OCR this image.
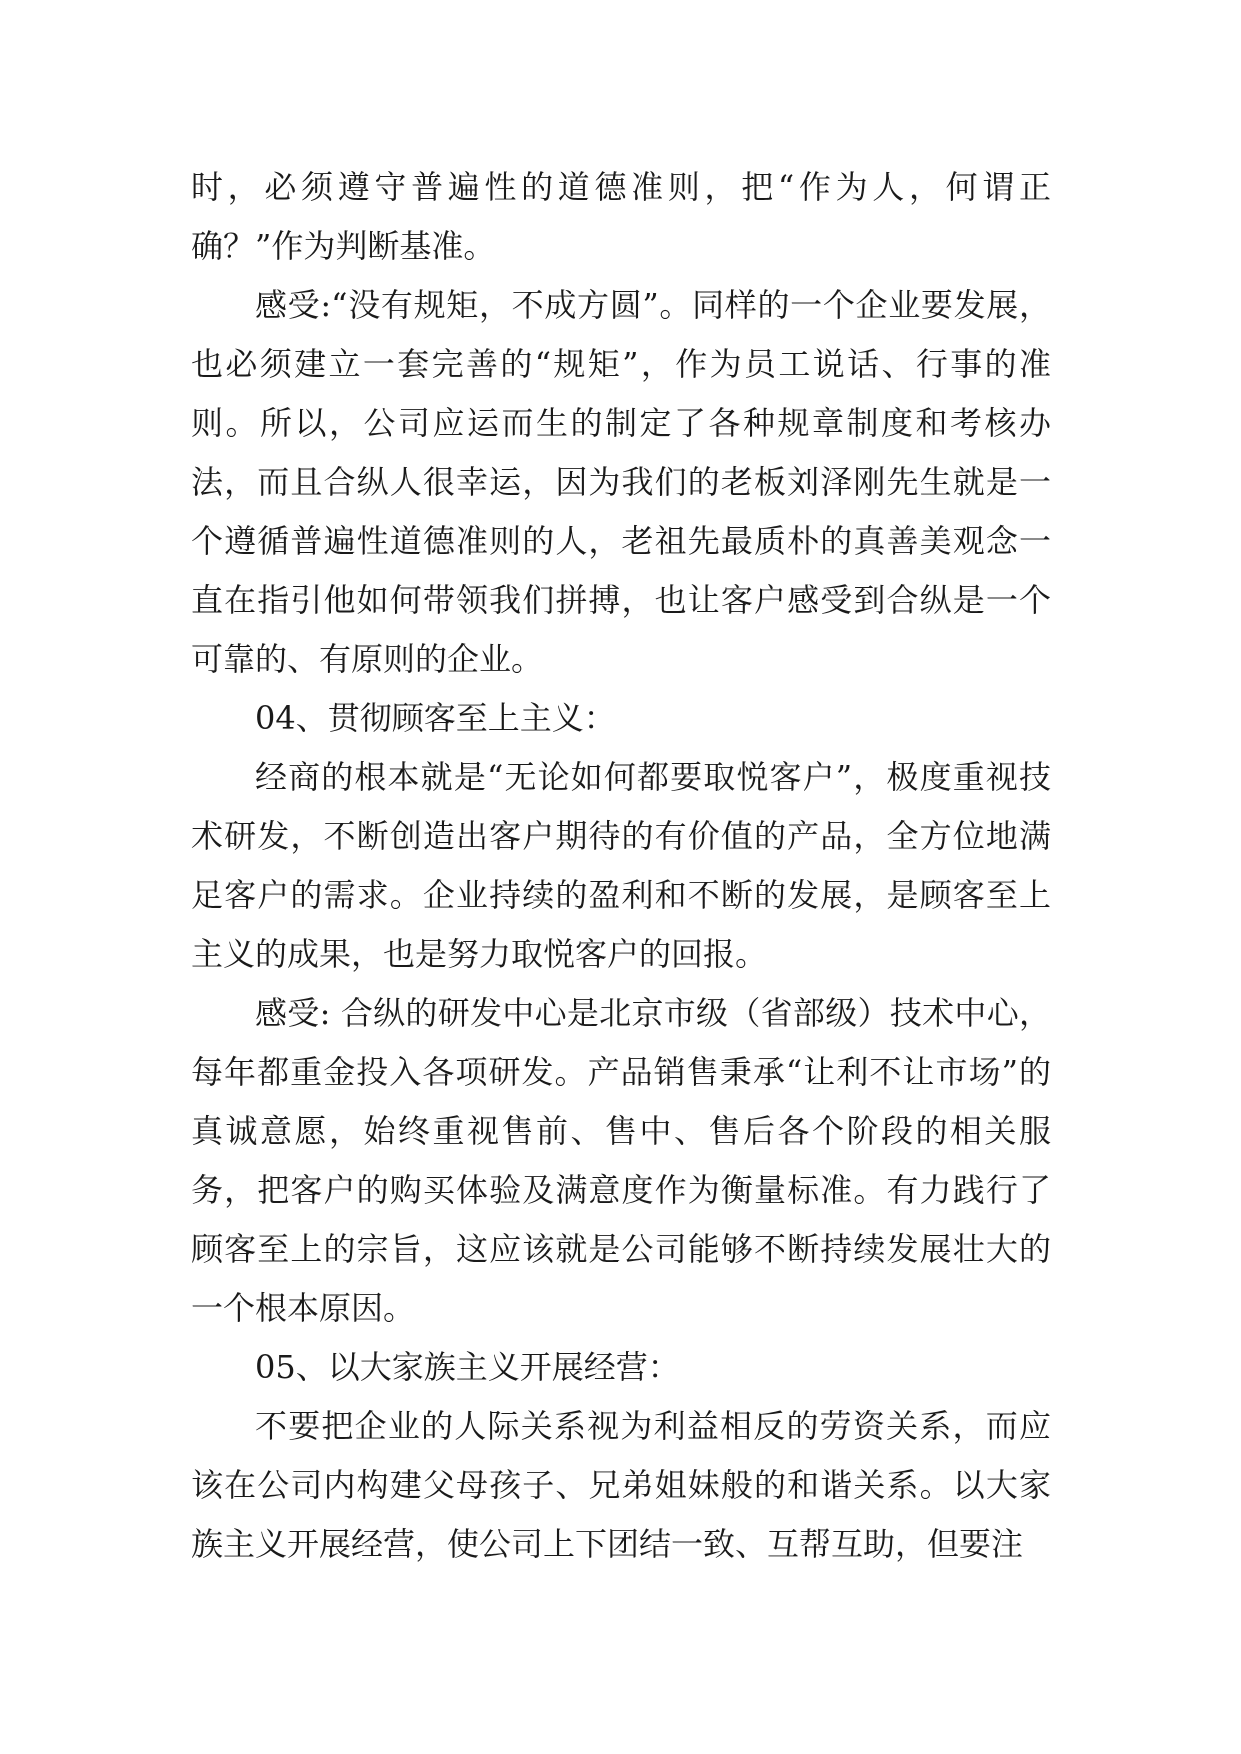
时，必须遵守普遍性的道德准则，把“作为人，何谓正确？”作为判断基准。

感受:“没有规矩，不成方圆”。同样的一个企业要发展，也必须建立一套完善的“规矩”，作为员工说话、行事的准则。所以，公司应运而生的制定了各种规章制度和考核办法，而且合纵人很幸运，因为我们的老板刘泽刚先生就是一个遵循普遍性道德准则的人，老祖先最质朴的真善美观念一直在指引他如何带领我们拼搏，也让客户感受到合纵是一个可靠的、有原则的企业。

04、贯彻顾客至上主义：

经商的根本就是“无论如何都要取悦客户”，极度重视技术研发，不断创造出客户期待的有价值的产品，全方位地满足客户的需求。企业持续的盈利和不断的发展，是顾客至上主义的成果，也是努力取悦客户的回报。

感受: 合纵的研发中心是北京市级（省部级）技术中心，每年都重金投入各项研发。产品销售秉承“让利不让市场”的真诚意愿，始终重视售前、售中、售后各个阶段的相关服务，把客户的购买体验及满意度作为衡量标准。有力践行了顾客至上的宗旨，这应该就是公司能够不断持续发展壮大的一个根本原因。

05、以大家族主义开展经营：

不要把企业的人际关系视为利益相反的劳资关系，而应该在公司内构建父母孩子、兄弟姐妹般的和谐关系。以大家族主义开展经营，使公司上下团结一致、互帮互助，但要注
